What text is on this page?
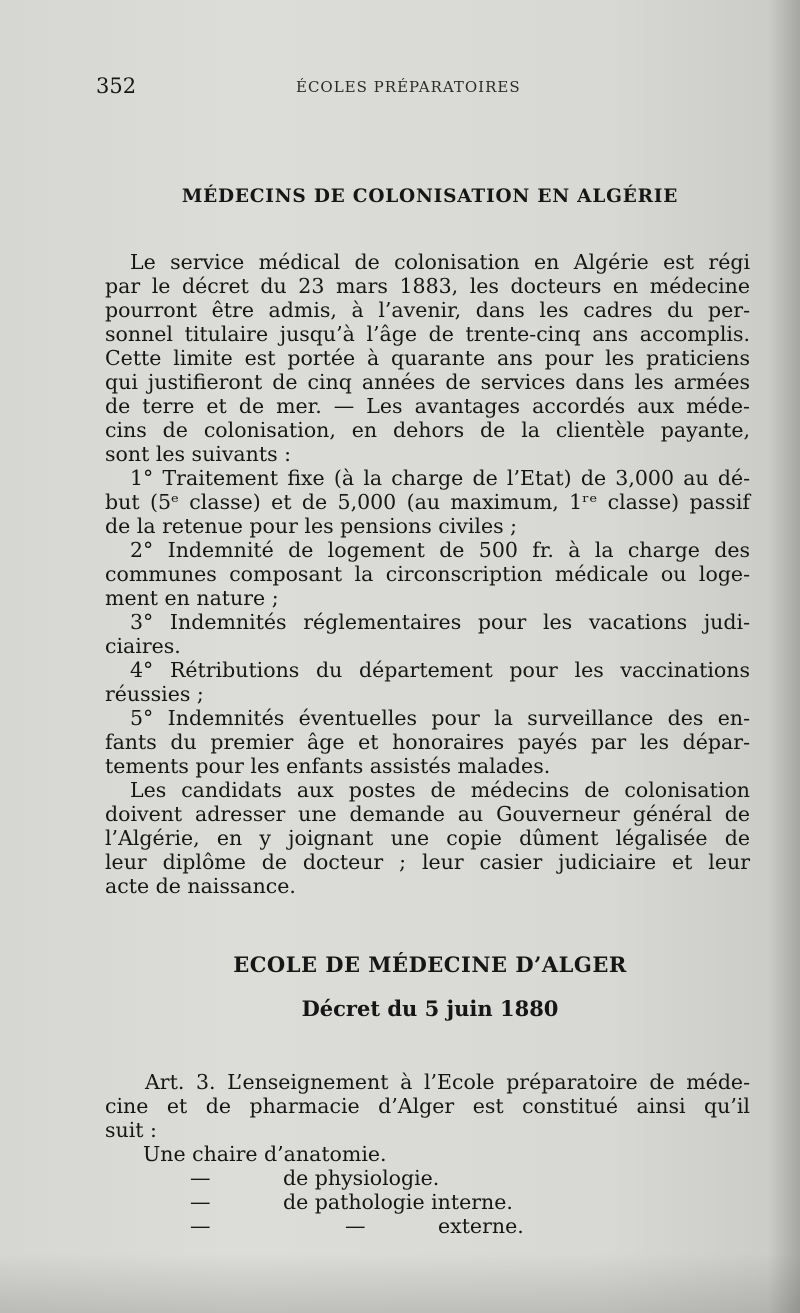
352	ÉCOLES PRÉPARATOIRES
MÉDECINS DE COLONISATION EN ALGÉRIE
Le service médical de colonisation en Algérie est régi
par le décret du 23 mars 1883, les docteurs en médecine
pourront être admis, à l’avenir, dans les cadres du per-
sonnel titulaire jusqu’à l’âge de trente-cinq ans accomplis.
Cette limite est portée à quarante ans pour les praticiens
qui justifieront de cinq années de services dans les armées
de terre et de mer. — Les avantages accordés aux méde-
cins de colonisation, en dehors de la clientèle payante,
sont les suivants :
1° Traitement fixe (à la charge de l’Etat) de 3,000 au dé-
but (5ᵉ classe) et de 5,000 (au maximum, 1ʳᵉ classe) passif
de la retenue pour les pensions civiles ;
2° Indemnité de logement de 500 fr. à la charge des
communes composant la circonscription médicale ou loge-
ment en nature ;
3° Indemnités réglementaires pour les vacations judi-
ciaires.
4° Rétributions du département pour les vaccinations
réussies ;
5° Indemnités éventuelles pour la surveillance des en-
fants du premier âge et honoraires payés par les dépar-
tements pour les enfants assistés malades.
Les candidats aux postes de médecins de colonisation
doivent adresser une demande au Gouverneur général de
l’Algérie, en y joignant une copie dûment légalisée de
leur diplôme de docteur ; leur casier judiciaire et leur
acte de naissance.
ECOLE DE MÉDECINE D’ALGER
Décret du 5 juin 1880
Art. 3. L’enseignement à l’Ecole préparatoire de méde-
cine et de pharmacie d’Alger est constitué ainsi qu’il
suit :
Une chaire d’anatomie.
—	de physiologie.
—	de pathologie interne.
—	—	externe.
